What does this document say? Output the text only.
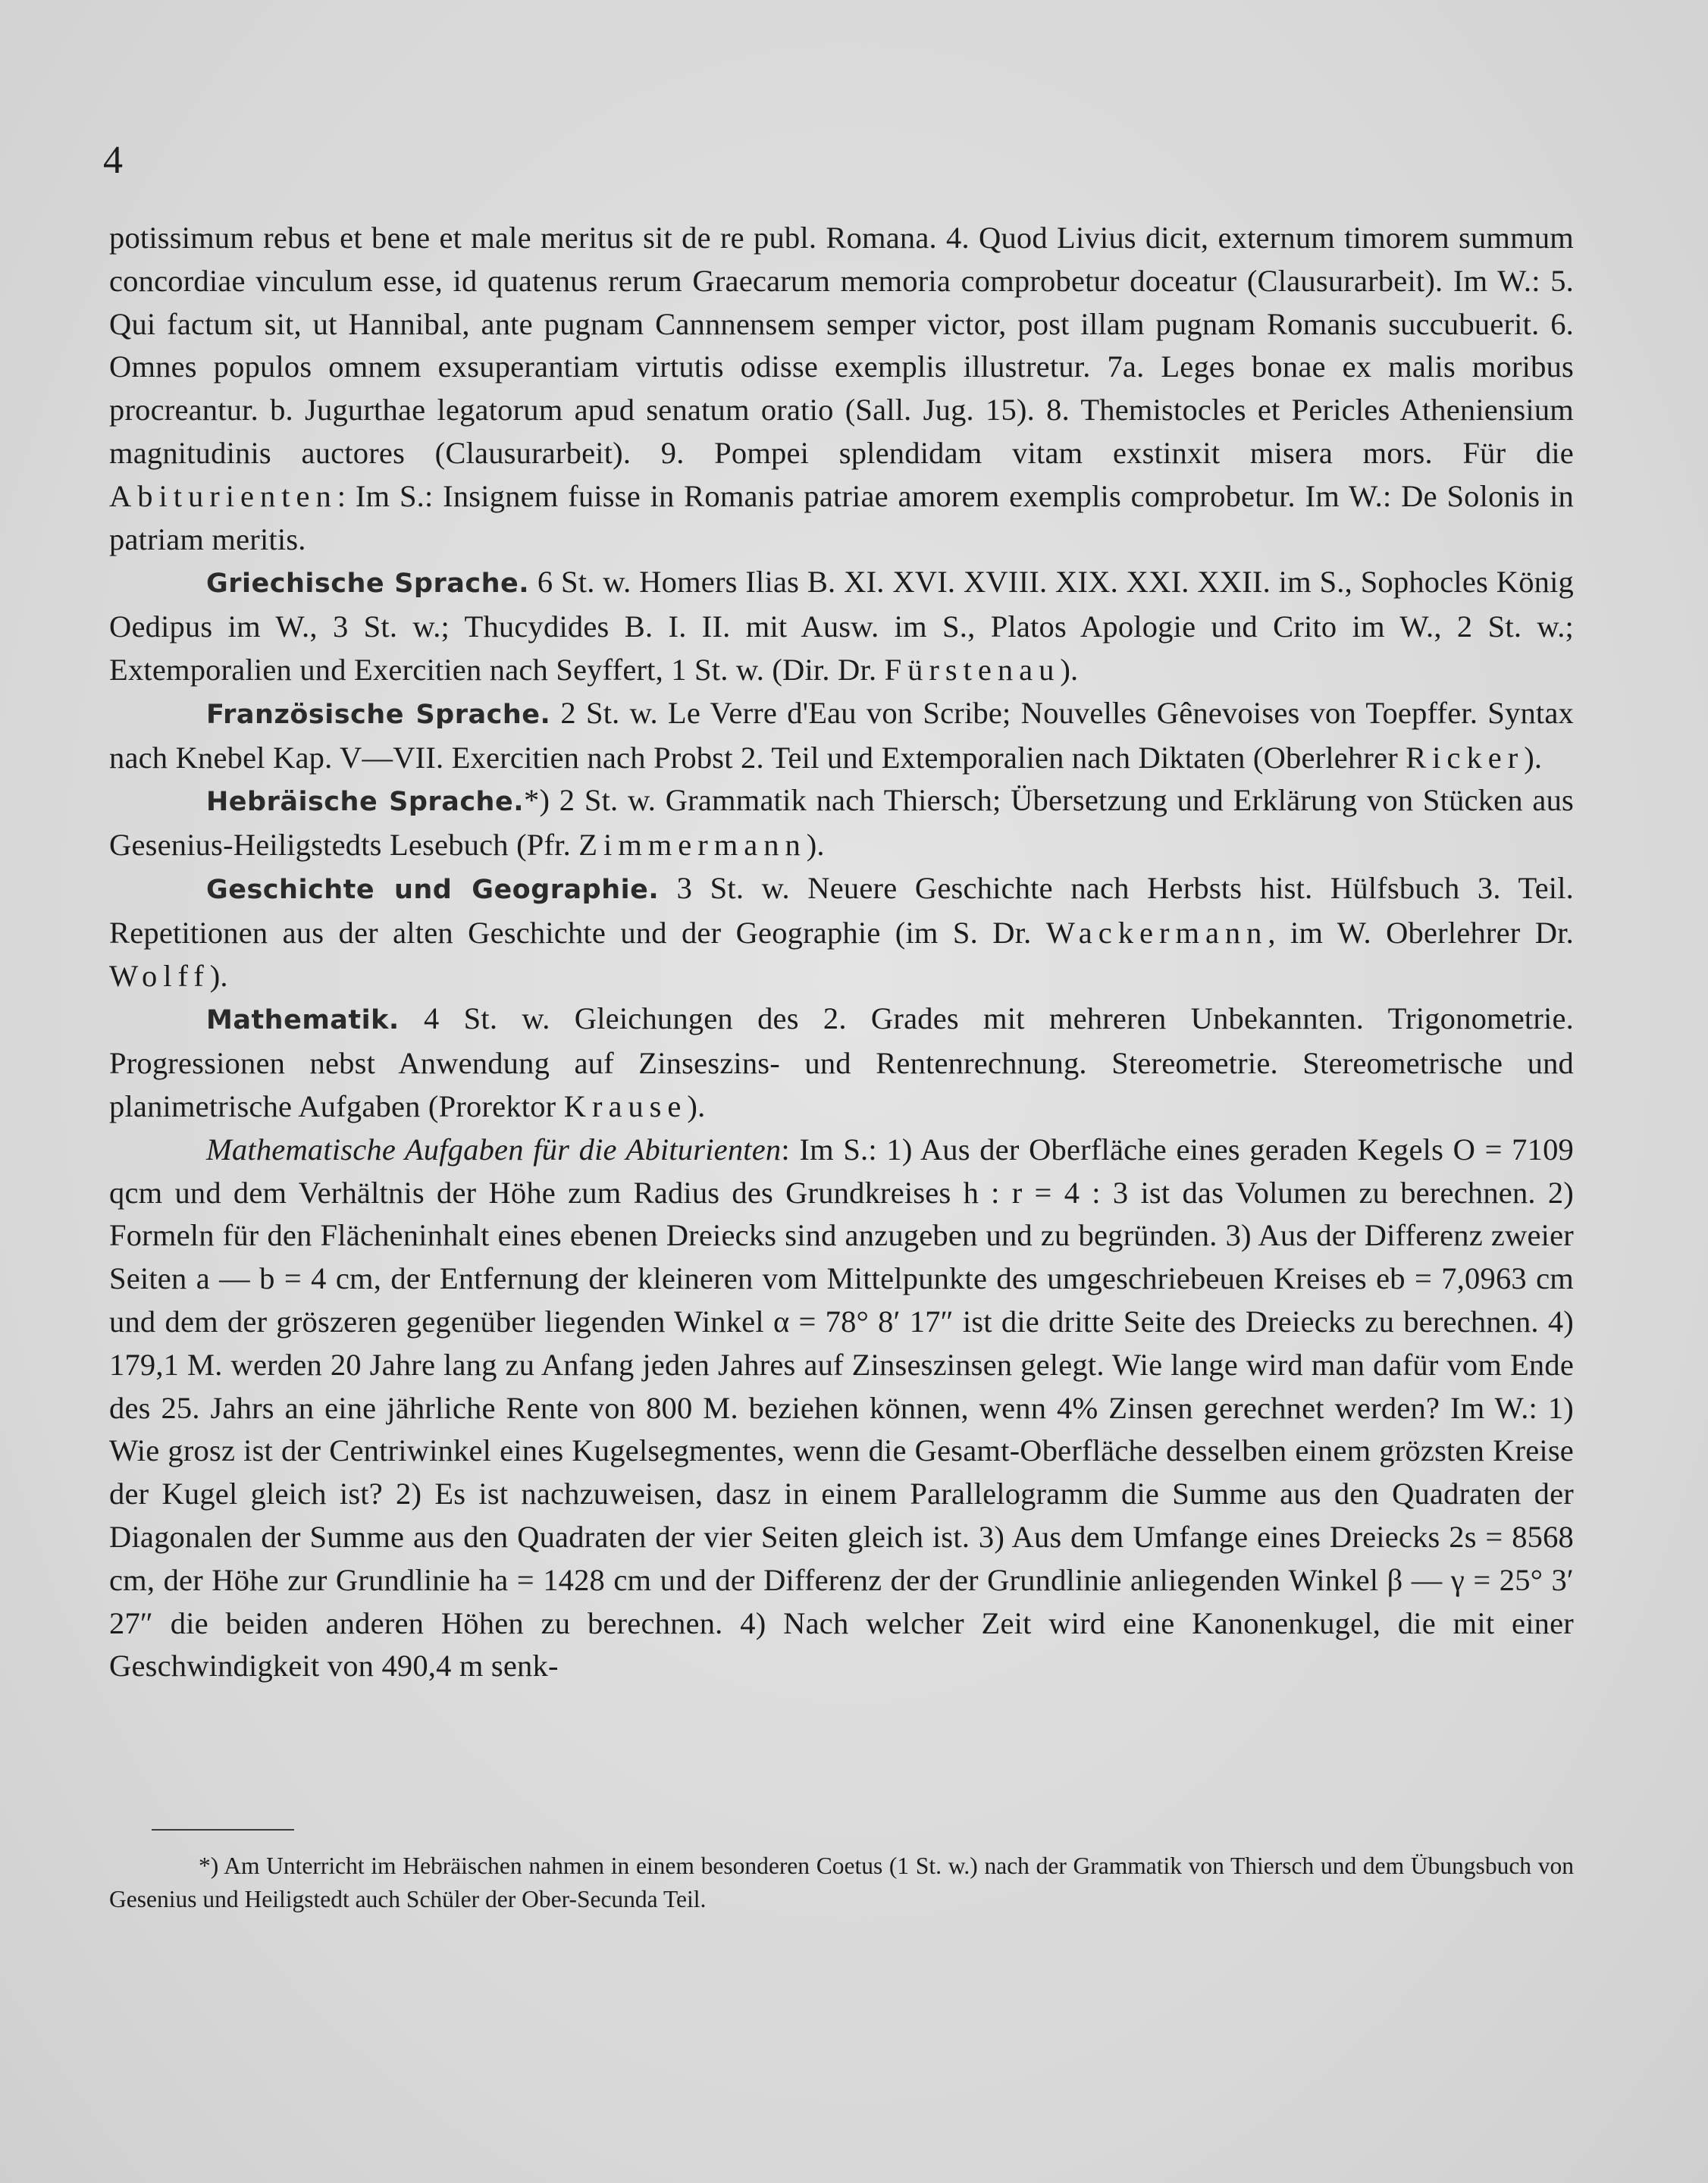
4

potissimum rebus et bene et male meritus sit de re publ. Romana. 4. Quod Livius dicit, externum timorem summum concordiae vinculum esse, id quatenus rerum Graecarum memoria comprobetur doceatur (Clausurarbeit). Im W.: 5. Qui factum sit, ut Hannibal, ante pugnam Cannnensem semper victor, post illam pugnam Romanis succubuerit. 6. Omnes populos omnem exsuperantiam virtutis odisse exemplis illustretur. 7a. Leges bonae ex malis moribus procreantur. b. Jugurthae legatorum apud senatum oratio (Sall. Jug. 15). 8. Themistocles et Pericles Atheniensium magnitudinis auctores (Clausurarbeit). 9. Pompei splendidam vitam exstinxit misera mors. Für die Abiturienten: Im S.: Insignem fuisse in Romanis patriae amorem exemplis comprobetur. Im W.: De Solonis in patriam meritis.

Griechische Sprache. 6 St. w. Homers Ilias B. XI. XVI. XVIII. XIX. XXI. XXII. im S., Sophocles König Oedipus im W., 3 St. w.; Thucydides B. I. II. mit Ausw. im S., Platos Apologie und Crito im W., 2 St. w.; Extemporalien und Exercitien nach Seyffert, 1 St. w. (Dir. Dr. Fürstenau).

Französische Sprache. 2 St. w. Le Verre d'Eau von Scribe; Nouvelles Gênevoises von Toepffer. Syntax nach Knebel Kap. V—VII. Exercitien nach Probst 2. Teil und Extemporalien nach Diktaten (Oberlehrer Ricker).

Hebräische Sprache.*) 2 St. w. Grammatik nach Thiersch; Übersetzung und Erklärung von Stücken aus Gesenius-Heiligstedts Lesebuch (Pfr. Zimmermann).

Geschichte und Geographie. 3 St. w. Neuere Geschichte nach Herbsts hist. Hülfsbuch 3. Teil. Repetitionen aus der alten Geschichte und der Geographie (im S. Dr. Wackermann, im W. Oberlehrer Dr. Wolff).

Mathematik. 4 St. w. Gleichungen des 2. Grades mit mehreren Unbekannten. Trigonometrie. Progressionen nebst Anwendung auf Zinseszins- und Rentenrechnung. Stereometrie. Stereometrische und planimetrische Aufgaben (Prorektor Krause).

Mathematische Aufgaben für die Abiturienten: Im S.: 1) Aus der Oberfläche eines geraden Kegels O = 7109 qcm und dem Verhältnis der Höhe zum Radius des Grundkreises h : r = 4 : 3 ist das Volumen zu berechnen. 2) Formeln für den Flächeninhalt eines ebenen Dreiecks sind anzugeben und zu begründen. 3) Aus der Differenz zweier Seiten a — b = 4 cm, der Entfernung der kleineren vom Mittelpunkte des umgeschriebeuen Kreises eb = 7,0963 cm und dem der gröszeren gegenüber liegenden Winkel α = 78° 8′ 17″ ist die dritte Seite des Dreiecks zu berechnen. 4) 179,1 M. werden 20 Jahre lang zu Anfang jeden Jahres auf Zinseszinsen gelegt. Wie lange wird man dafür vom Ende des 25. Jahrs an eine jährliche Rente von 800 M. beziehen können, wenn 4% Zinsen gerechnet werden? Im W.: 1) Wie grosz ist der Centriwinkel eines Kugelsegmentes, wenn die Gesamt-Oberfläche desselben einem grözsten Kreise der Kugel gleich ist? 2) Es ist nachzuweisen, dasz in einem Parallelogramm die Summe aus den Quadraten der Diagonalen der Summe aus den Quadraten der vier Seiten gleich ist. 3) Aus dem Umfange eines Dreiecks 2s = 8568 cm, der Höhe zur Grundlinie ha = 1428 cm und der Differenz der der Grundlinie anliegenden Winkel β — γ = 25° 3′ 27″ die beiden anderen Höhen zu berechnen. 4) Nach welcher Zeit wird eine Kanonenkugel, die mit einer Geschwindigkeit von 490,4 m senk-

*) Am Unterricht im Hebräischen nahmen in einem besonderen Coetus (1 St. w.) nach der Grammatik von Thiersch und dem Übungsbuch von Gesenius und Heiligstedt auch Schüler der Ober-Secunda Teil.
